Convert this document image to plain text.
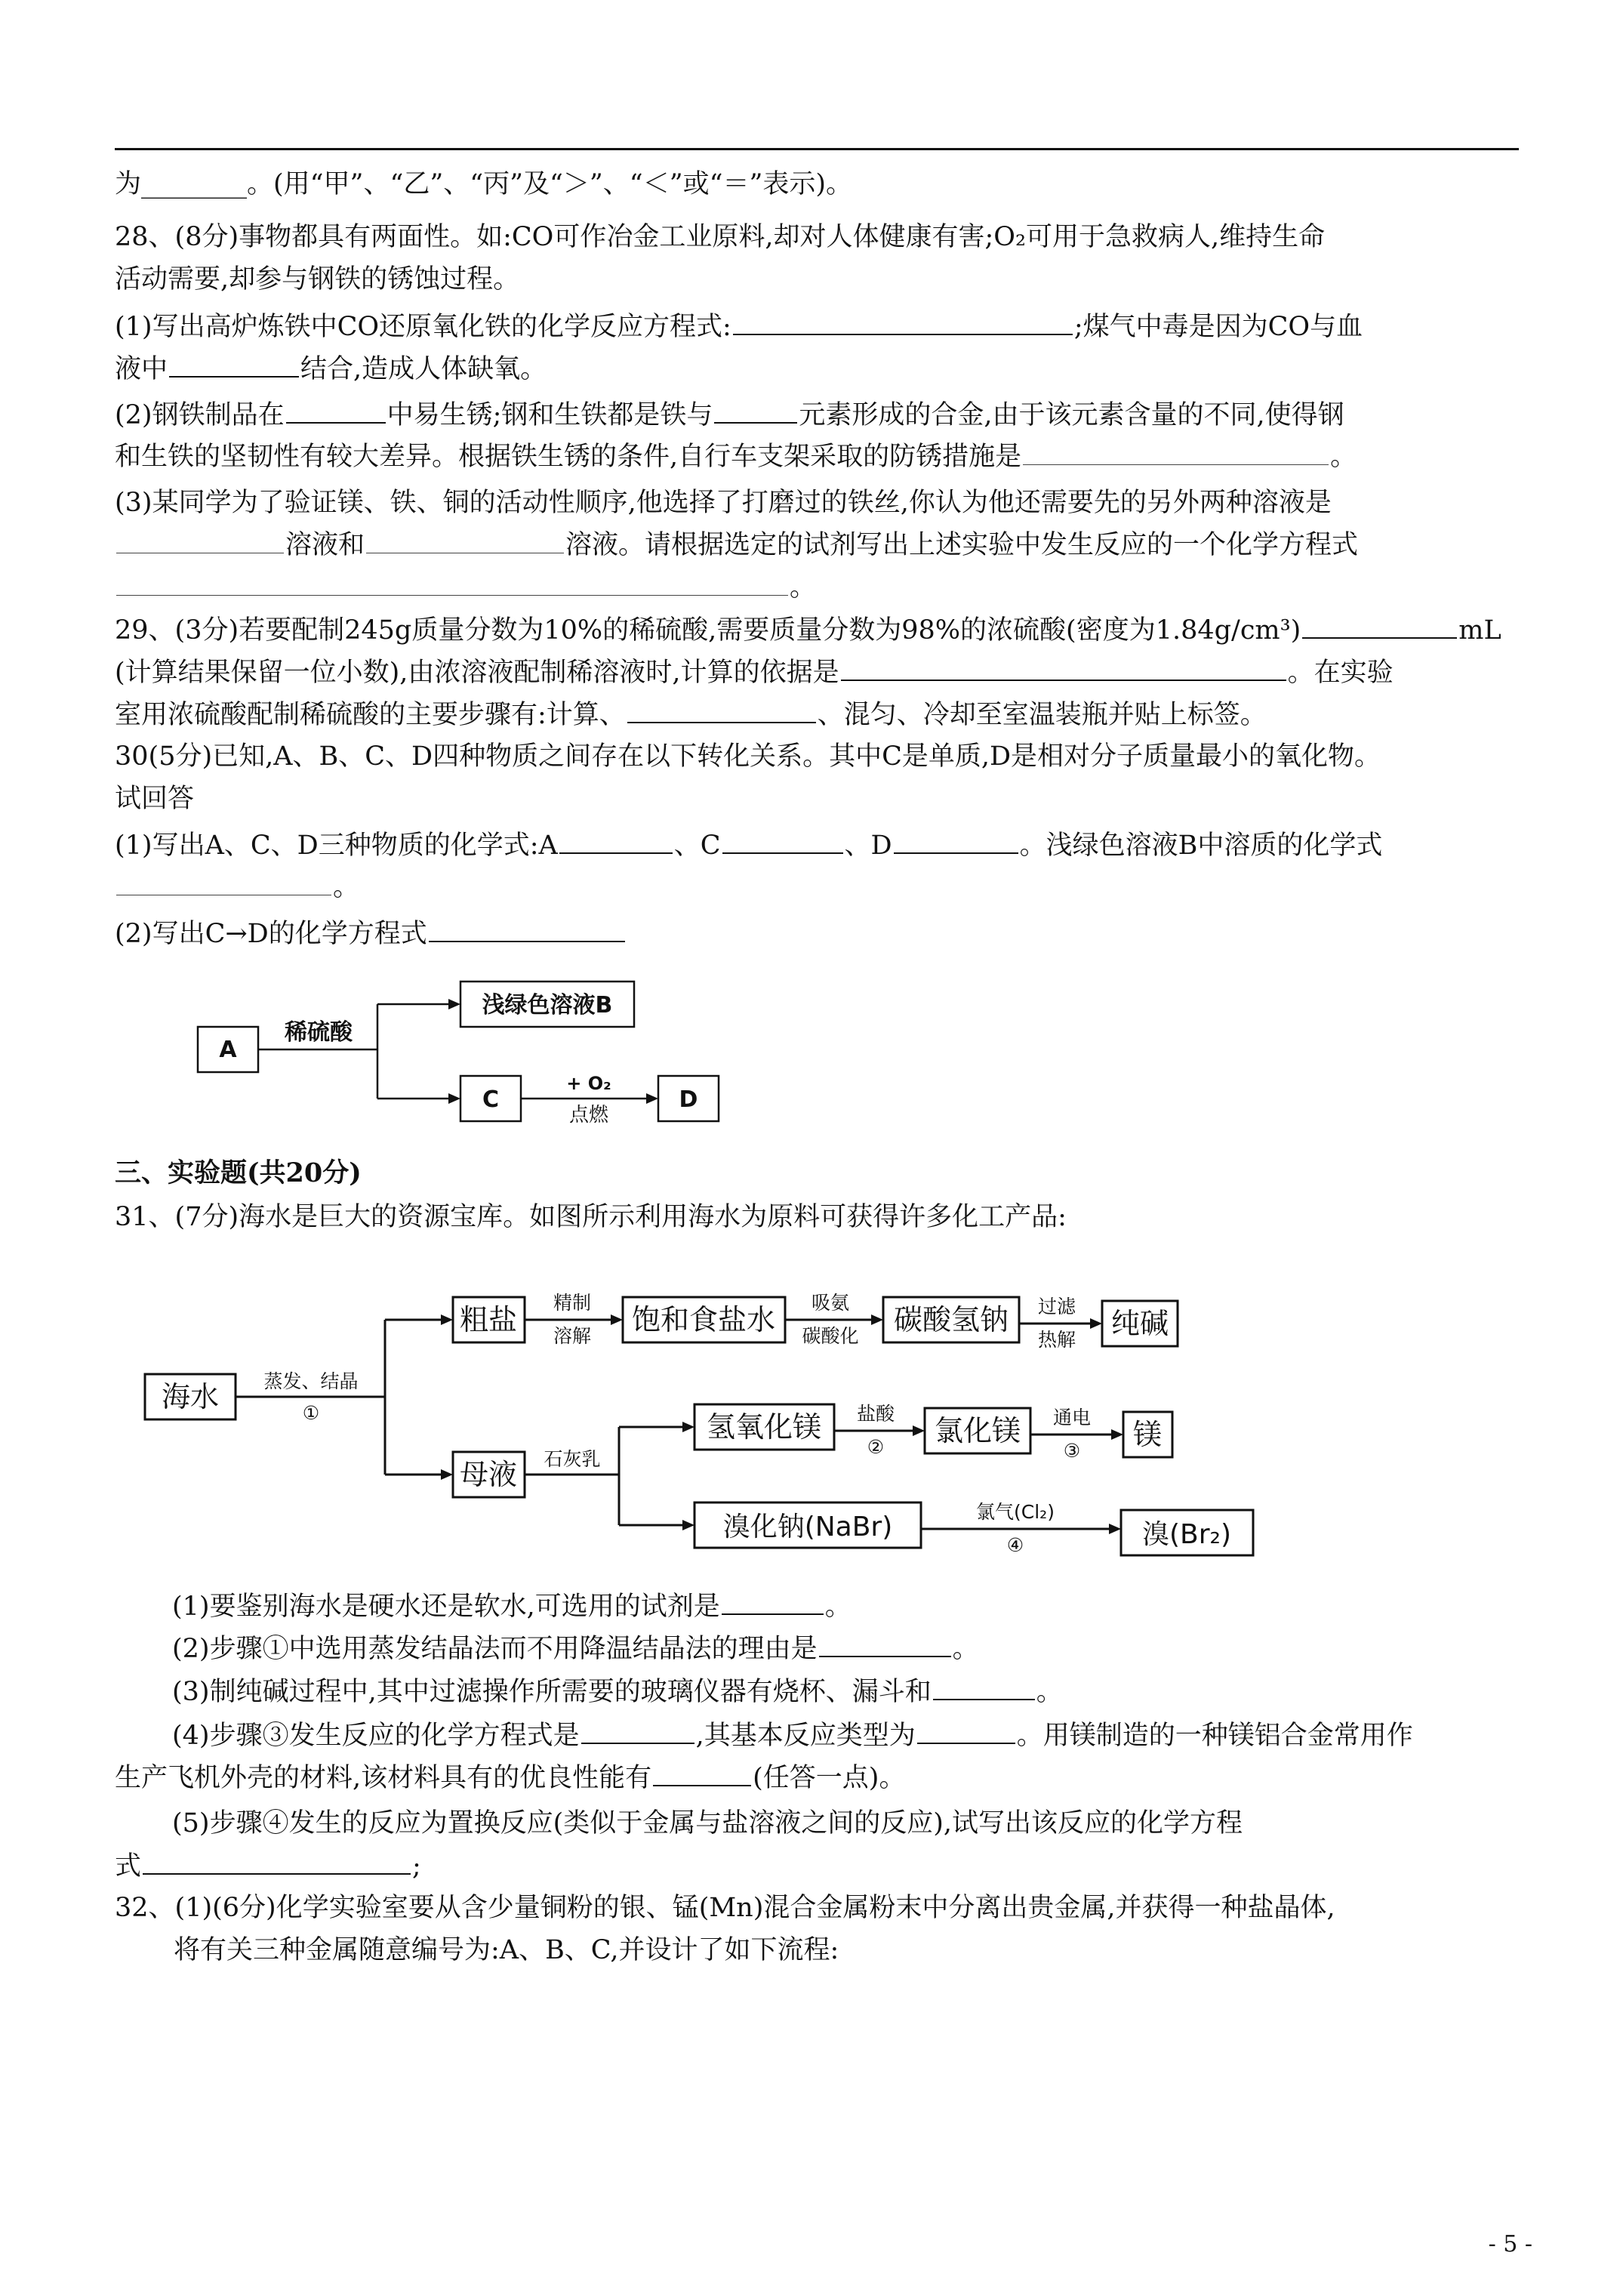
为________。(用“甲”、“乙”、“丙”及“＞”、“＜”或“＝”表示)。
28、(8分)事物都具有两面性。如:CO可作冶金工业原料,却对人体健康有害;O₂可用于急救病人,维持生命
活动需要,却参与钢铁的锈蚀过程。
(1)写出高炉炼铁中CO还原氧化铁的化学反应方程式:	;煤气中毒是因为CO与血
液中	结合,造成人体缺氧。
(2)钢铁制品在	中易生锈;钢和生铁都是铁与	元素形成的合金,由于该元素含量的不同,使得钢
和生铁的坚韧性有较大差异。根据铁生锈的条件,自行车支架采取的防锈措施是	。
(3)某同学为了验证镁、铁、铜的活动性顺序,他选择了打磨过的铁丝,你认为他还需要先的另外两种溶液是
溶液和	溶液。请根据选定的试剂写出上述实验中发生反应的一个化学方程式
。
29、(3分)若要配制245g质量分数为10%的稀硫酸,需要质量分数为98%的浓硫酸(密度为1.84g/cm³)	mL
(计算结果保留一位小数),由浓溶液配制稀溶液时,计算的依据是	。在实验
室用浓硫酸配制稀硫酸的主要步骤有:计算、	、混匀、冷却至室温装瓶并贴上标签。
30(5分)已知,A、B、C、D四种物质之间存在以下转化关系。其中C是单质,D是相对分子质量最小的氧化物。
试回答
(1)写出A、C、D三种物质的化学式:A	、C	、D	。浅绿色溶液B中溶质的化学式
。
(2)写出C→D的化学方程式
A
稀硫酸
浅绿色溶液B
C
+ O₂
点燃
D
三、实验题(共20分)
31、(7分)海水是巨大的资源宝库。如图所示利用海水为原料可获得许多化工产品:
海水
粗盐	饱和食盐水	碳酸氢钠	纯碱
母液
氢氧化镁	氯化镁	镁
溴化钠(NaBr)	溴(Br₂)
蒸发、结晶
①
精制
溶解
吸氨
碳酸化
过滤
热解
石灰乳
盐酸
②
通电
③
氯气(Cl₂)
④
(1)要鉴别海水是硬水还是软水,可选用的试剂是	。
(2)步骤①中选用蒸发结晶法而不用降温结晶法的理由是	。
(3)制纯碱过程中,其中过滤操作所需要的玻璃仪器有烧杯、漏斗和	。
(4)步骤③发生反应的化学方程式是	,其基本反应类型为	。用镁制造的一种镁铝合金常用作
生产飞机外壳的材料,该材料具有的优良性能有	(任答一点)。
(5)步骤④发生的反应为置换反应(类似于金属与盐溶液之间的反应),试写出该反应的化学方程
式	;
32、(1)(6分)化学实验室要从含少量铜粉的银、锰(Mn)混合金属粉末中分离出贵金属,并获得一种盐晶体,
将有关三种金属随意编号为:A、B、C,并设计了如下流程:
- 5 -
